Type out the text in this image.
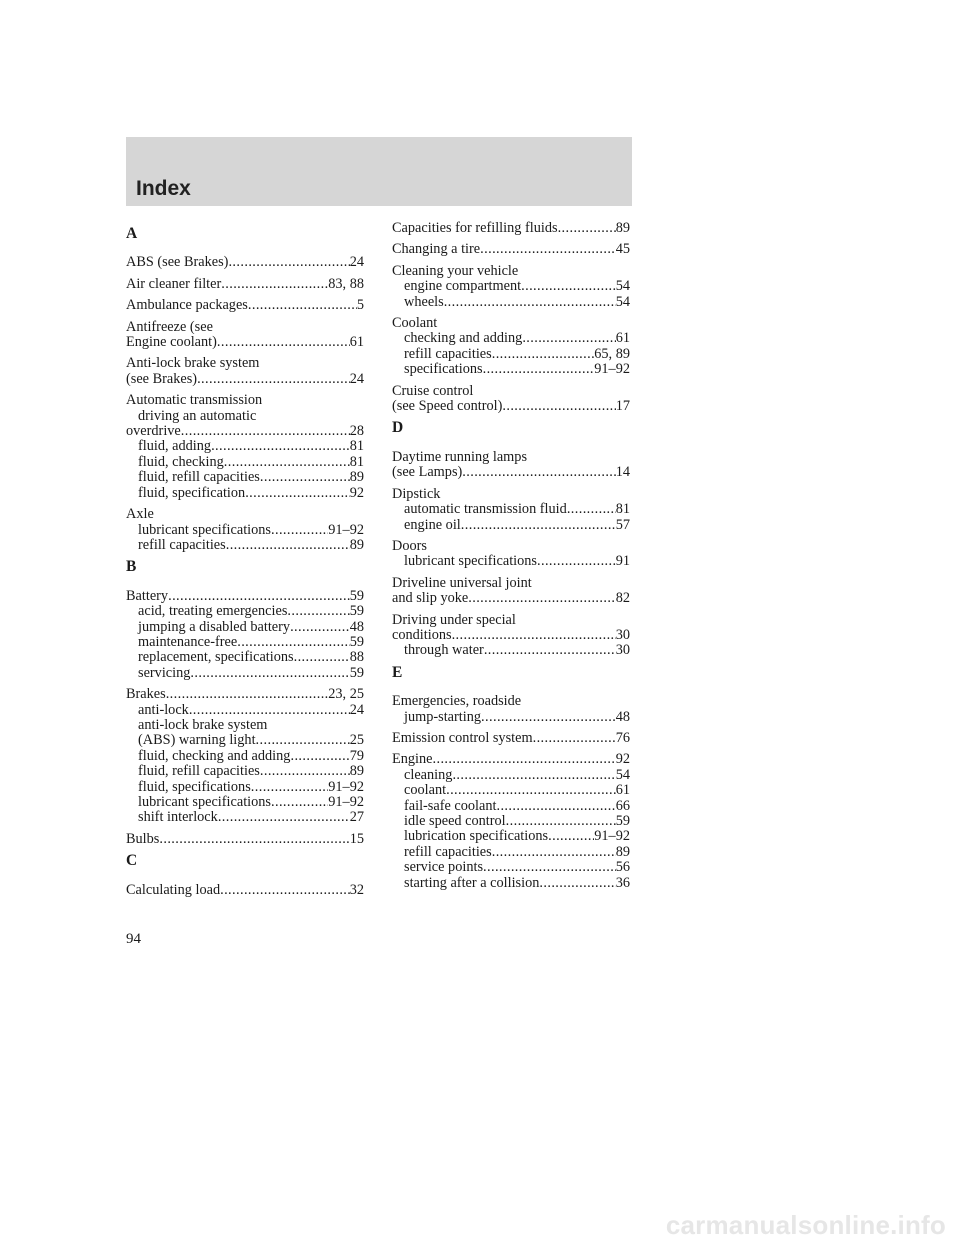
Index
A
ABS (see Brakes) .....	24
Air cleaner filter .....	83, 88
Ambulance packages .....	5
Antifreeze (see
Engine coolant) .....	61
Anti-lock brake system
(see Brakes) .....	24
Automatic transmission
driving an automatic
overdrive .....	28
fluid, adding .....	81
fluid, checking .....	81
fluid, refill capacities .....	89
fluid, specification .....	92
Axle
lubricant specifications .....	91–92
refill capacities .....	89
B
Battery .....	59
acid, treating emergencies .....	59
jumping a disabled battery .....	48
maintenance-free .....	59
replacement, specifications .....	88
servicing .....	59
Brakes .....	23, 25
anti-lock .....	24
anti-lock brake system
(ABS) warning light .....	25
fluid, checking and adding .....	79
fluid, refill capacities .....	89
fluid, specifications .....	91–92
lubricant specifications .....	91–92
shift interlock .....	27
Bulbs .....	15
C
Calculating load .....	32
Capacities for refilling fluids .....	89
Changing a tire .....	45
Cleaning your vehicle
engine compartment .....	54
wheels .....	54
Coolant
checking and adding .....	61
refill capacities .....	65, 89
specifications .....	91–92
Cruise control
(see Speed control) .....	17
D
Daytime running lamps
(see Lamps) .....	14
Dipstick
automatic transmission fluid .....	81
engine oil .....	57
Doors
lubricant specifications .....	91
Driveline universal joint
and slip yoke .....	82
Driving under special
conditions .....	30
through water .....	30
E
Emergencies, roadside
jump-starting .....	48
Emission control system .....	76
Engine .....	92
cleaning .....	54
coolant .....	61
fail-safe coolant .....	66
idle speed control .....	59
lubrication specifications .....	91–92
refill capacities .....	89
service points .....	56
starting after a collision .....	36
94
carmanualsonline.info
